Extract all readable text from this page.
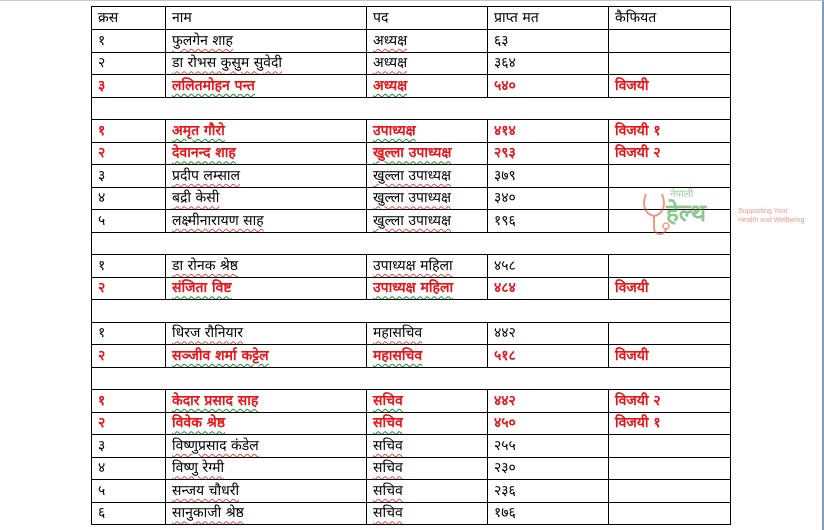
क्रस	नाम	पद	प्राप्त मत	कैफियत
१	फुलगेन शाह	अध्यक्ष	६३	
२	डा रोभस कुसुम सुवेदी	अध्यक्ष	३६४	
३	ललितमोहन पन्त	अध्यक्ष	५४०	विजयी

१	अमृत गौरो	उपाध्यक्ष	४१४	विजयी १
२	देवानन्द शाह	खुल्ला उपाध्यक्ष	२९३	विजयी २
३	प्रदीप लम्साल	खुल्ला उपाध्यक्ष	३७९	
४	बद्री केसी	खुल्ला उपाध्यक्ष	३४०	
५	लक्ष्मीनारायण साह	खुल्ला उपाध्यक्ष	१९६	

१	डा रोनक श्रेष्ठ	उपाध्यक्ष महिला	४५८	
२	संजिता विष्ट	उपाध्यक्ष महिला	४८४	विजयी

१	धिरज रौनियार	महासचिव	४४२	
२	सञ्जीव शर्मा कट्टेल	महासचिव	५१८	विजयी

१	केदार प्रसाद साह	सचिव	४४२	विजयी २
२	विवेक श्रेष्ठ	सचिव	४५०	विजयी १
३	विष्णुप्रसाद कंडेल	सचिव	२५५	
४	विष्णु रेग्मी	सचिव	२३०	
५	सन्जय चौधरी	सचिव	२३६	
६	सानुकाजी श्रेष्ठ	सचिव	१७६	
नेपाली
हेल्थ	Supporting Your
Health and Wellbeing
